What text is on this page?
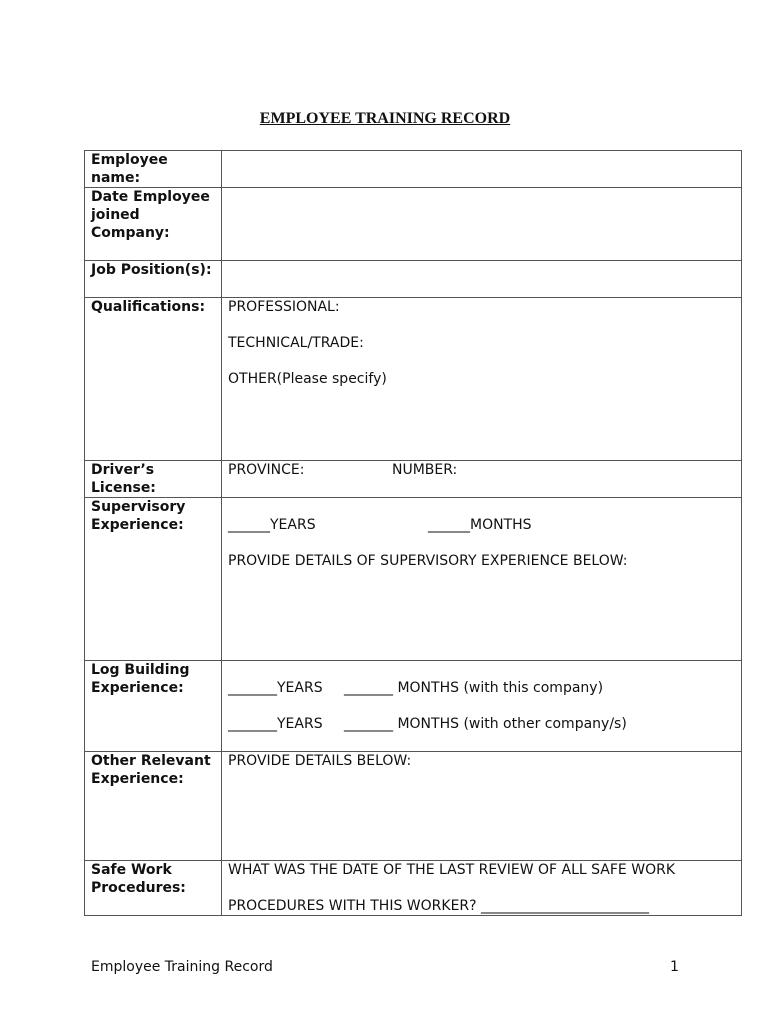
EMPLOYEE TRAINING RECORD
Employee name:	
Date Employee joined Company:	
Job Position(s):	
Qualifications:	PROFESSIONAL:
TECHNICAL/TRADE:
OTHER(Please specify)

Driver’s License:	PROVINCE: NUMBER:
Supervisory Experience:	______YEARS ______MONTHS
PROVIDE DETAILS OF SUPERVISORY EXPERIENCE BELOW:

Log Building Experience:	_______YEARS _______ MONTHS (with this company)
_______YEARS _______ MONTHS (with other company/s)

Other Relevant Experience:	PROVIDE DETAILS BELOW:

Safe Work Procedures:	WHAT WAS THE DATE OF THE LAST REVIEW OF ALL SAFE WORK
PROCEDURES WITH THIS WORKER? ________________________
Employee Training Record	1
